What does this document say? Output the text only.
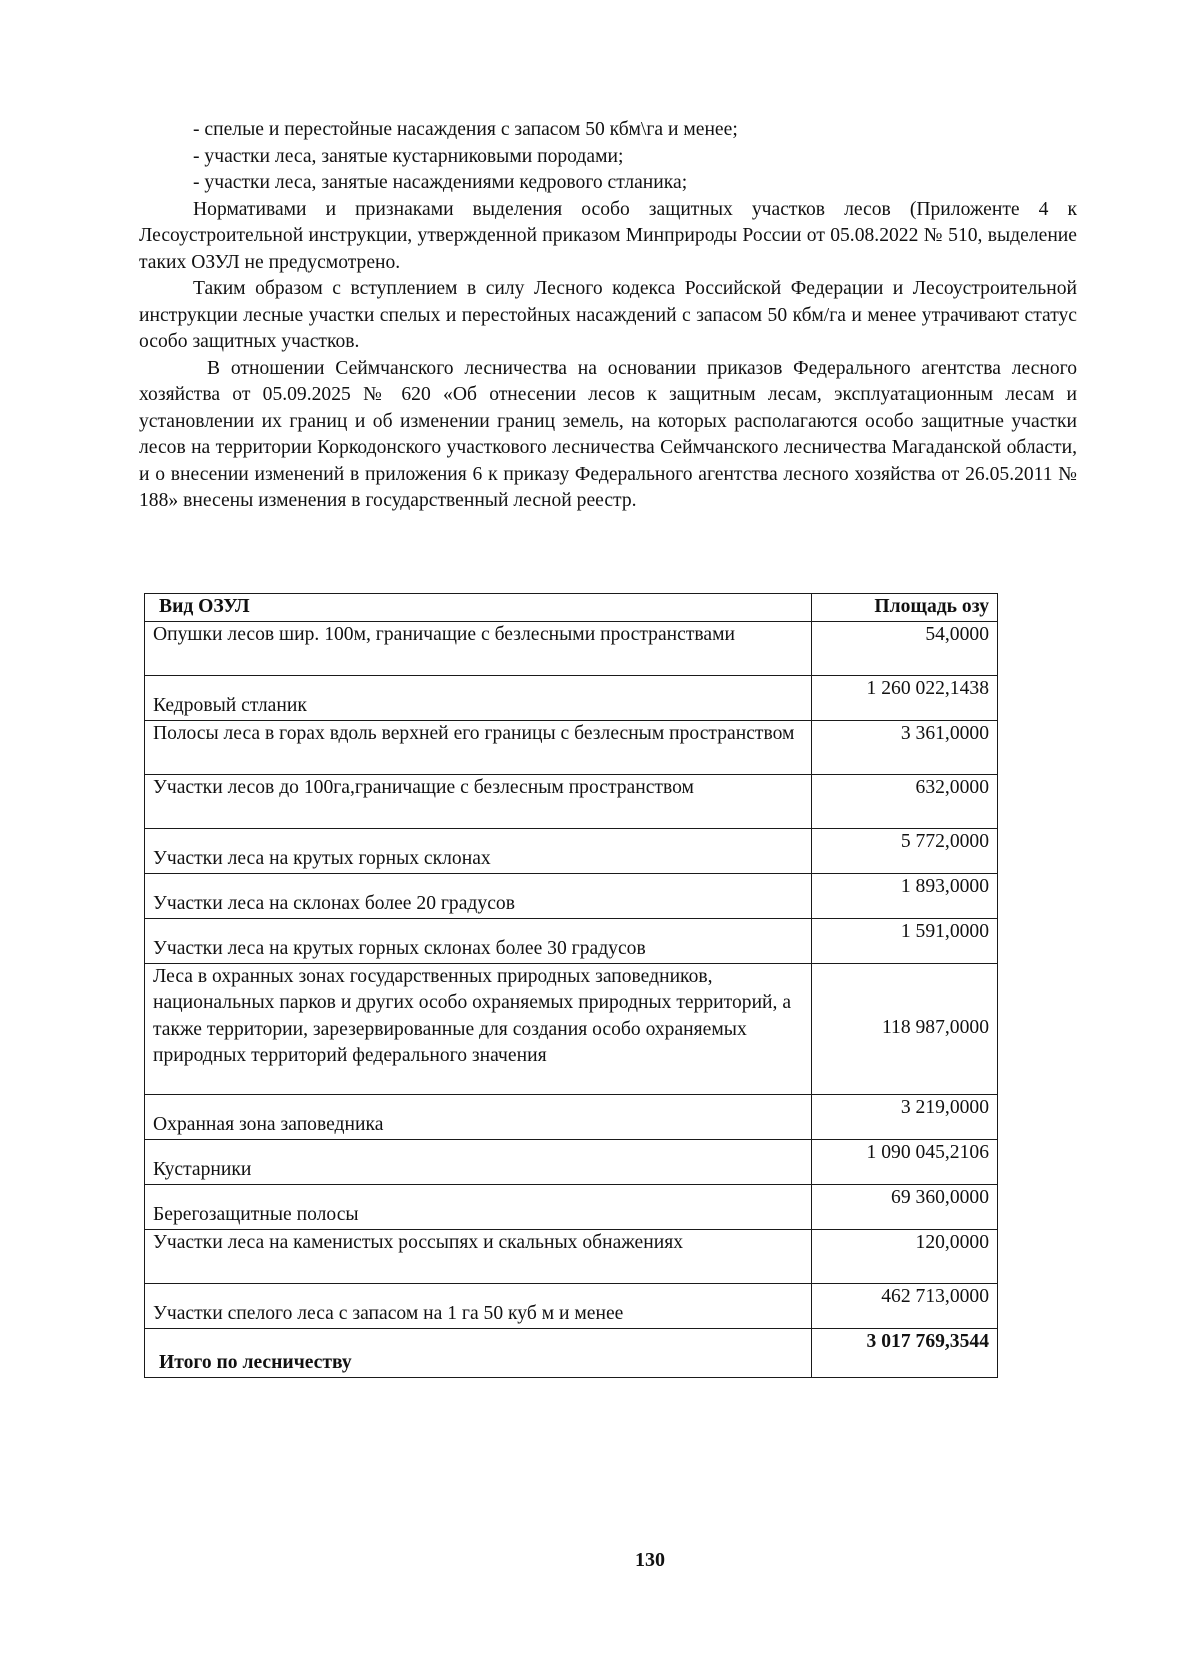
- спелые и перестойные насаждения с запасом 50 кбм\га и менее;

- участки леса, занятые кустарниковыми породами;

- участки леса, занятые насаждениями кедрового стланика;

Нормативами и признаками выделения особо защитных участков лесов (Приложенте 4 к Лесоустроительной инструкции, утвержденной приказом Минприроды России от 05.08.2022 № 510, выделение таких ОЗУЛ не предусмотрено.

Таким образом с вступлением в силу Лесного кодекса Российской Федерации и Лесоустроительной инструкции лесные участки спелых и перестойных насаждений с запасом 50 кбм/га и менее утрачивают статус особо защитных участков.

В отношении Сеймчанского лесничества на основании приказов Федерального агентства лесного хозяйства от 05.09.2025 № 620 «Об отнесении лесов к защитным лесам, эксплуатационным лесам и установлении их границ и об изменении границ земель, на которых располагаются особо защитные участки лесов на территории Коркодонского участкового лесничества Сеймчанского лесничества Магаданской области, и о внесении изменений в приложения 6 к приказу Федерального агентства лесного хозяйства от 26.05.2011 № 188» внесены изменения в государственный лесной реестр.

Вид ОЗУЛ	Площадь озу
Опушки лесов шир. 100м, граничащие с безлесными пространствами	54,0000
Кедровый стланик	1 260 022,1438
Полосы леса в горах вдоль верхней его границы с безлесным пространством	3 361,0000
Участки лесов до 100га,граничащие с безлесным пространством	632,0000
Участки леса на крутых горных склонах	5 772,0000
Участки леса на склонах более 20 градусов	1 893,0000
Участки леса на крутых горных склонах более 30 градусов	1 591,0000
Леса в охранных зонах государственных природных заповедников, национальных парков и других особо охраняемых природных территорий, а также территории, зарезервированные для создания особо охраняемых природных территорий федерального значения	118 987,0000
Охранная зона заповедника	3 219,0000
Кустарники	1 090 045,2106
Берегозащитные полосы	69 360,0000
Участки леса на каменистых россыпях и скальных обнажениях	120,0000
Участки спелого леса с запасом на 1 га 50 куб м и менее	462 713,0000
Итого по лесничеству	3 017 769,3544
130
